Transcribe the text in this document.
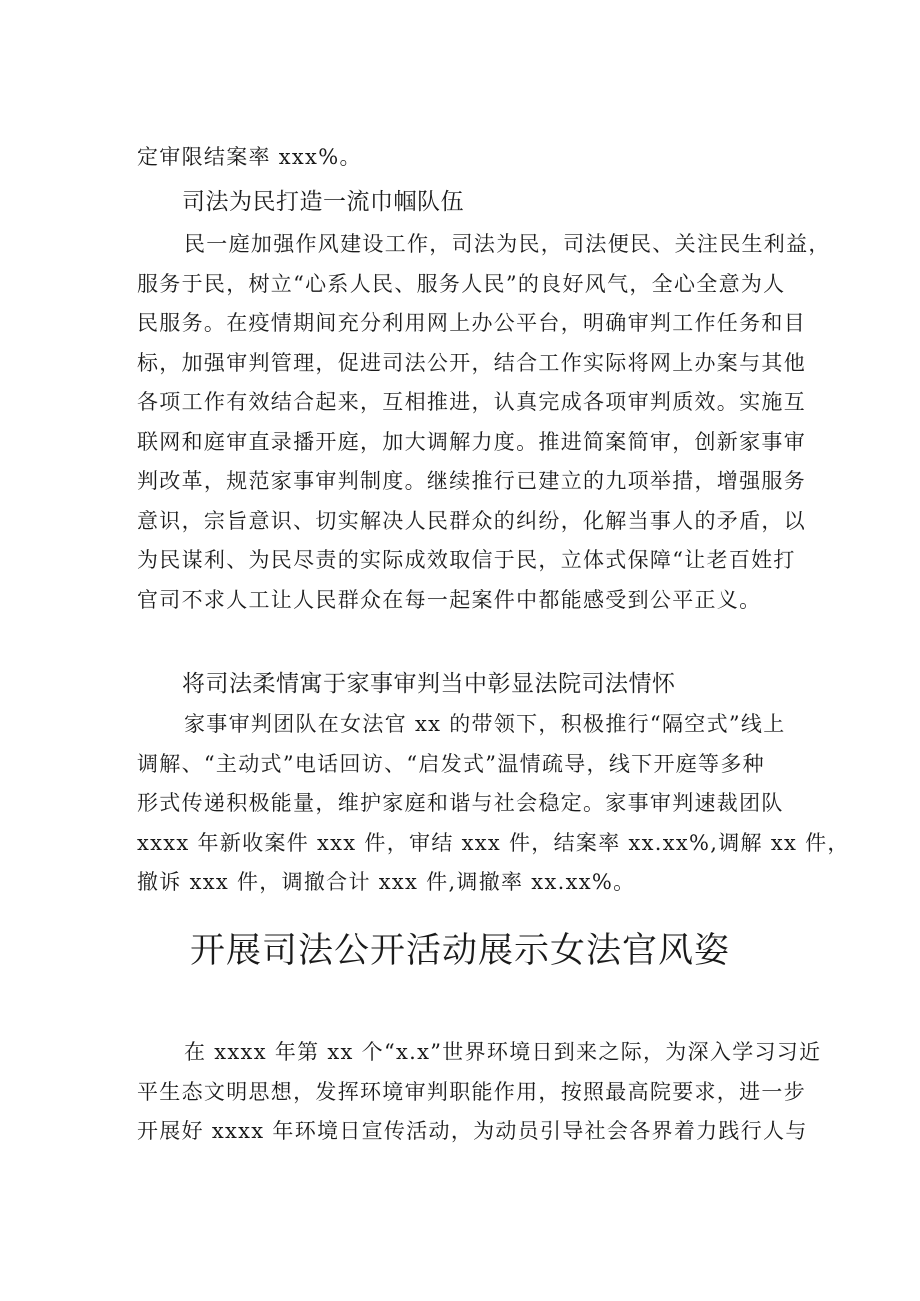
定审限结案率 xxx%。

司法为民打造一流巾帼队伍

民一庭加强作风建设工作，司法为民，司法便民、关注民生利益，

服务于民，树立“心系人民、服务人民”的良好风气，全心全意为人

民服务。在疫情期间充分利用网上办公平台，明确审判工作任务和目

标，加强审判管理，促进司法公开，结合工作实际将网上办案与其他

各项工作有效结合起来，互相推进，认真完成各项审判质效。实施互

联网和庭审直录播开庭，加大调解力度。推进简案简审，创新家事审

判改革，规范家事审判制度。继续推行已建立的九项举措，增强服务

意识，宗旨意识、切实解决人民群众的纠纷，化解当事人的矛盾，以

为民谋利、为民尽责的实际成效取信于民，立体式保障“让老百姓打

官司不求人工让人民群众在每一起案件中都能感受到公平正义。

将司法柔情寓于家事审判当中彰显法院司法情怀

家事审判团队在女法官 xx 的带领下，积极推行“隔空式”线上

调解、“主动式”电话回访、“启发式”温情疏导，线下开庭等多种

形式传递积极能量，维护家庭和谐与社会稳定。家事审判速裁团队

xxxx 年新收案件 xxx 件，审结 xxx 件，结案率 xx.xx%,调解 xx 件，

撤诉 xxx 件，调撤合计 xxx 件,调撤率 xx.xx%。

开展司法公开活动展示女法官风姿

在 xxxx 年第 xx 个“x.x”世界环境日到来之际，为深入学习习近

平生态文明思想，发挥环境审判职能作用，按照最高院要求，进一步

开展好 xxxx 年环境日宣传活动，为动员引导社会各界着力践行人与
